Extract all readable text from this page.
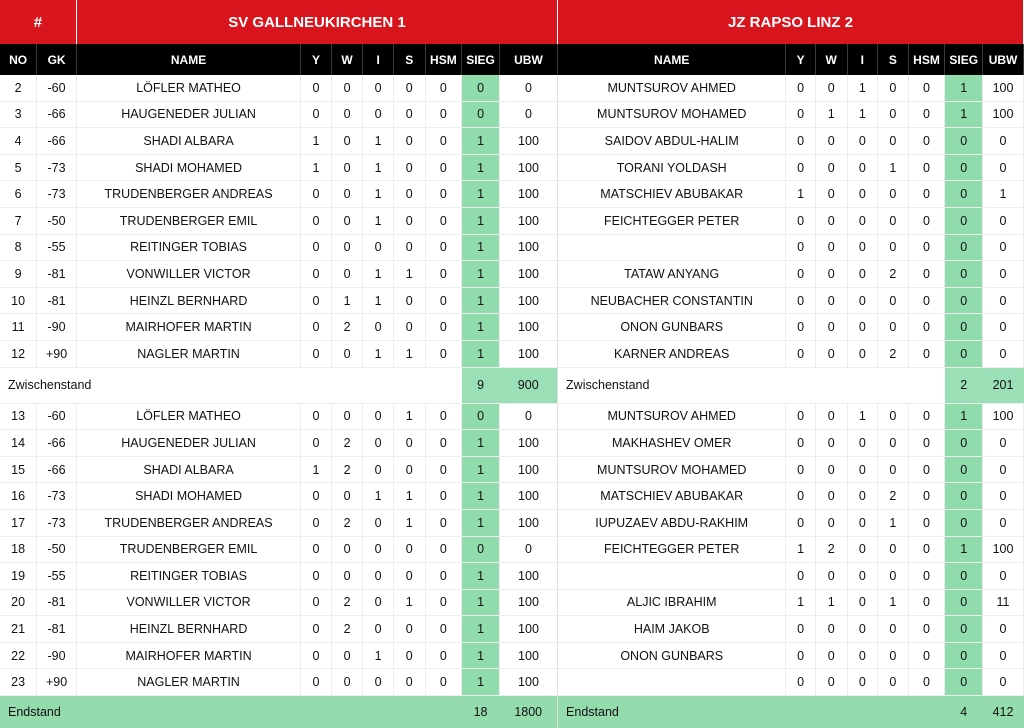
#		SV GALLNEUKIRCHEN 1								JZ RAPSO LINZ 2							
NO	GK	NAME	Y	W	I	S	HSM	SIEG	UBW	NAME	Y	W	I	S	HSM	SIEG	UBW
2	-60	LÖFLER MATHEO	0	0	0	0	0	0	0	MUNTSUROV AHMED	0	0	1	0	0	1	100
3	-66	HAUGENEDER JULIAN	0	0	0	0	0	0	0	MUNTSUROV MOHAMED	0	1	1	0	0	1	100
4	-66	SHADI ALBARA	1	0	1	0	0	1	100	SAIDOV ABDUL-HALIM	0	0	0	0	0	0	0
5	-73	SHADI MOHAMED	1	0	1	0	0	1	100	TORANI YOLDASH	0	0	0	1	0	0	0
6	-73	TRUDENBERGER ANDREAS	0	0	1	0	0	1	100	MATSCHIEV ABUBAKAR	1	0	0	0	0	0	1
7	-50	TRUDENBERGER EMIL	0	0	1	0	0	1	100	FEICHTEGGER PETER	0	0	0	0	0	0	0
8	-55	REITINGER TOBIAS	0	0	0	0	0	1	100		0	0	0	0	0	0	0
9	-81	VONWILLER VICTOR	0	0	1	1	0	1	100	TATAW ANYANG	0	0	0	2	0	0	0
10	-81	HEINZL BERNHARD	0	1	1	0	0	1	100	NEUBACHER CONSTANTIN	0	0	0	0	0	0	0
11	-90	MAIRHOFER MARTIN	0	2	0	0	0	1	100	ONON GUNBARS	0	0	0	0	0	0	0
12	+90	NAGLER MARTIN	0	0	1	1	0	1	100	KARNER ANDREAS	0	0	0	2	0	0	0
Zwischenstand								9	900	Zwischenstand						2	201
13	-60	LÖFLER MATHEO	0	0	0	1	0	0	0	MUNTSUROV AHMED	0	0	1	0	0	1	100
14	-66	HAUGENEDER JULIAN	0	2	0	0	0	1	100	MAKHASHEV OMER	0	0	0	0	0	0	0
15	-66	SHADI ALBARA	1	2	0	0	0	1	100	MUNTSUROV MOHAMED	0	0	0	0	0	0	0
16	-73	SHADI MOHAMED	0	0	1	1	0	1	100	MATSCHIEV ABUBAKAR	0	0	0	2	0	0	0
17	-73	TRUDENBERGER ANDREAS	0	2	0	1	0	1	100	IUPUZAEV ABDU-RAKHIM	0	0	0	1	0	0	0
18	-50	TRUDENBERGER EMIL	0	0	0	0	0	0	0	FEICHTEGGER PETER	1	2	0	0	0	1	100
19	-55	REITINGER TOBIAS	0	0	0	0	0	1	100		0	0	0	0	0	0	0
20	-81	VONWILLER VICTOR	0	2	0	1	0	1	100	ALJIC IBRAHIM	1	1	0	1	0	0	11
21	-81	HEINZL BERNHARD	0	2	0	0	0	1	100	HAIM JAKOB	0	0	0	0	0	0	0
22	-90	MAIRHOFER MARTIN	0	0	1	0	0	1	100	ONON GUNBARS	0	0	0	0	0	0	0
23	+90	NAGLER MARTIN	0	0	0	0	0	1	100		0	0	0	0	0	0	0
Endstand								18	1800	Endstand						4	412
